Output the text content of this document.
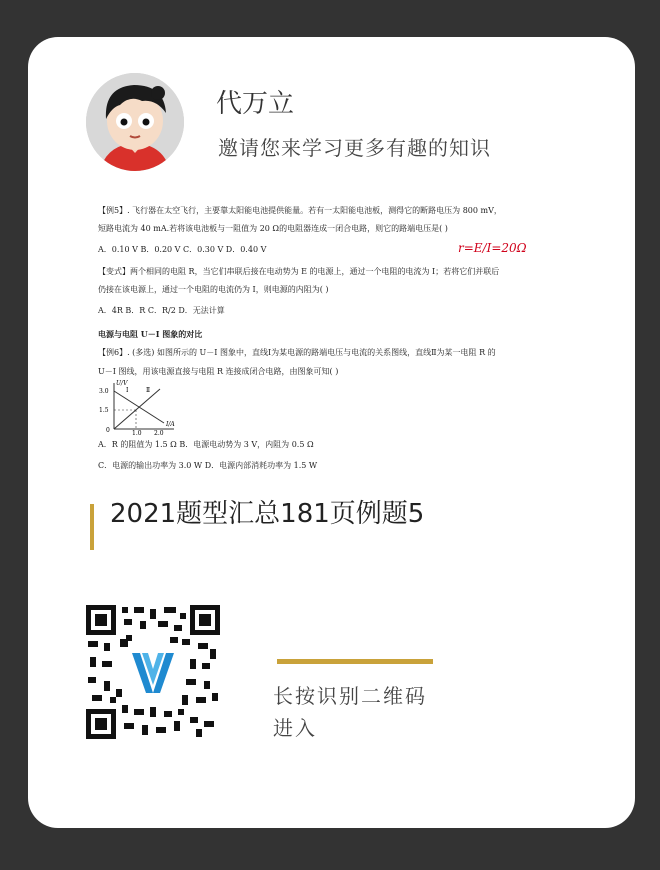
代万立
邀请您来学习更多有趣的知识
【例5】. 飞行器在太空飞行，主要靠太阳能电池提供能量。若有一太阳能电池板，测得它的断路电压为 800 mV，
短路电流为 40 mA.若将该电池板与一阻值为 20 Ω的电阻器连成一闭合电路，则它的路端电压是( )
A．0.10 V B．0.20 V C．0.30 V D．0.40 V
【变式】两个相同的电阻 R，当它们串联后接在电动势为 E 的电源上，通过一个电阻的电流为 I；若将它们并联后
仍接在该电源上，通过一个电阻的电流仍为 I，则电源的内阻为( )
A．4R B．R C．R/2 D．无法计算
电源与电阻 U－I 图象的对比
【例6】. (多选) 如图所示的 U－I 图象中，直线Ⅰ为某电源的路端电压与电流的关系图线，直线Ⅱ为某一电阻 R 的
U－I 图线，用该电源直接与电阻 R 连接成闭合电路，由图象可知( )
A．R 的阻值为 1.5 Ω B．电源电动势为 3 V，内阻为 0.5 Ω
C．电源的输出功率为 3.0 W D．电源内部消耗功率为 1.5 W
r=E/I=20Ω
U/V
I/A
3.0
1.5
0	1.0 2.0
Ⅰ	Ⅱ
2021题型汇总181页例题5
长按识别二维码
进入
